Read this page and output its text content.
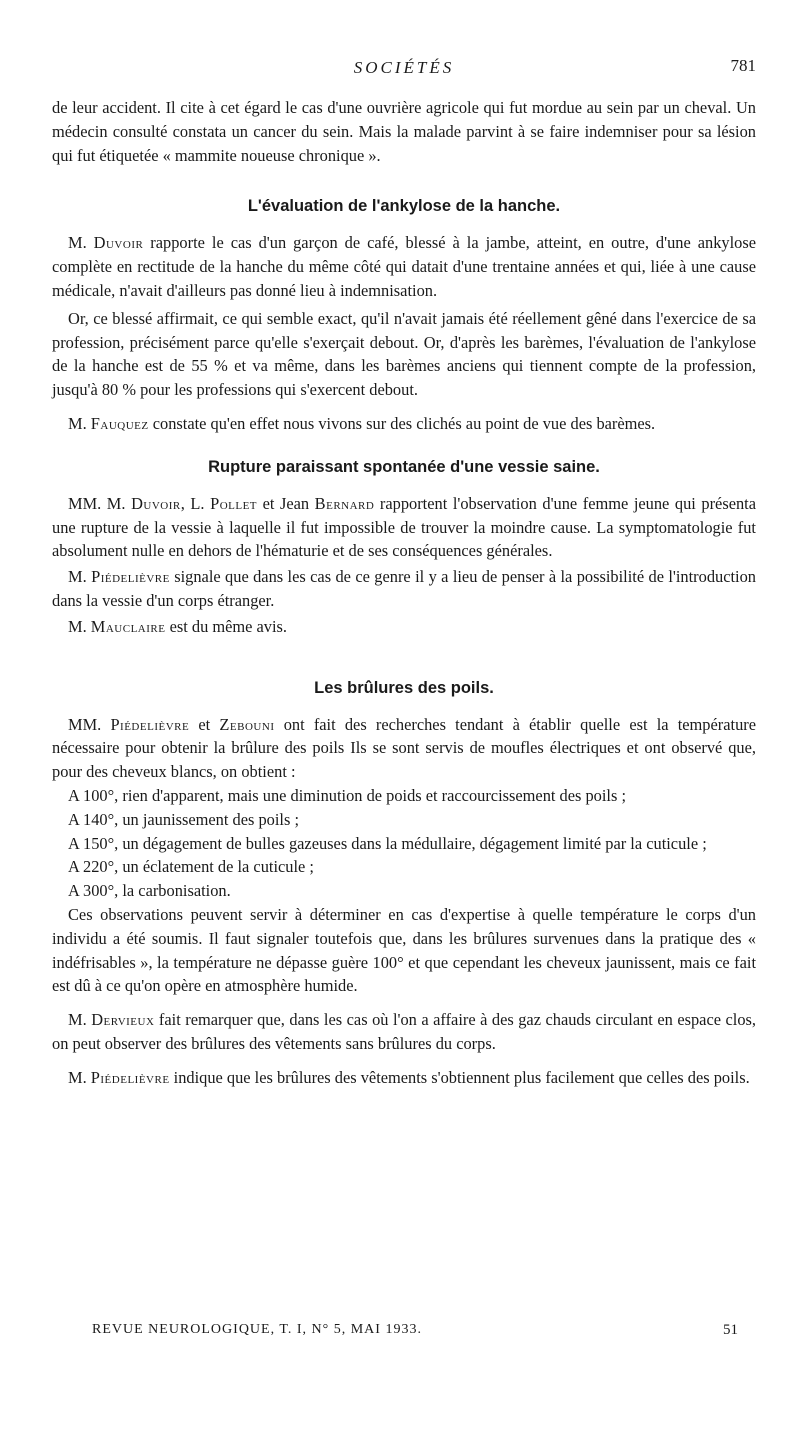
SOCIÉTÉS	781

de leur accident. Il cite à cet égard le cas d'une ouvrière agricole qui fut mordue au sein par un cheval. Un médecin consulté constata un cancer du sein. Mais la malade parvint à se faire indemniser pour sa lésion qui fut étiquetée « mammite noueuse chronique ».

L'évaluation de l'ankylose de la hanche.

M. Duvoir rapporte le cas d'un garçon de café, blessé à la jambe, atteint, en outre, d'une ankylose complète en rectitude de la hanche du même côté qui datait d'une trentaine années et qui, liée à une cause médicale, n'avait d'ailleurs pas donné lieu à indemnisation.

Or, ce blessé affirmait, ce qui semble exact, qu'il n'avait jamais été réellement gêné dans l'exercice de sa profession, précisément parce qu'elle s'exerçait debout. Or, d'après les barèmes, l'évaluation de l'ankylose de la hanche est de 55 % et va même, dans les barèmes anciens qui tiennent compte de la profession, jusqu'à 80 % pour les professions qui s'exercent debout.

M. Fauquez constate qu'en effet nous vivons sur des clichés au point de vue des barèmes.

Rupture paraissant spontanée d'une vessie saine.

MM. M. Duvoir, L. Pollet et Jean Bernard rapportent l'observation d'une femme jeune qui présenta une rupture de la vessie à laquelle il fut impossible de trouver la moindre cause. La symptomatologie fut absolument nulle en dehors de l'hématurie et de ses conséquences générales.

M. Piédelièvre signale que dans les cas de ce genre il y a lieu de penser à la possibilité de l'introduction dans la vessie d'un corps étranger.

M. Mauclaire est du même avis.

Les brûlures des poils.

MM. Piédelièvre et Zebouni ont fait des recherches tendant à établir quelle est la température nécessaire pour obtenir la brûlure des poils Ils se sont servis de moufles électriques et ont observé que, pour des cheveux blancs, on obtient :

A 100°, rien d'apparent, mais une diminution de poids et raccourcissement des poils ;

A 140°, un jaunissement des poils ;

A 150°, un dégagement de bulles gazeuses dans la médullaire, dégagement limité par la cuticule ;

A 220°, un éclatement de la cuticule ;

A 300°, la carbonisation.

Ces observations peuvent servir à déterminer en cas d'expertise à quelle température le corps d'un individu a été soumis. Il faut signaler toutefois que, dans les brûlures survenues dans la pratique des « indéfrisables », la température ne dépasse guère 100° et que cependant les cheveux jaunissent, mais ce fait est dû à ce qu'on opère en atmosphère humide.

M. Dervieux fait remarquer que, dans les cas où l'on a affaire à des gaz chauds circulant en espace clos, on peut observer des brûlures des vêtements sans brûlures du corps.

M. Piédelièvre indique que les brûlures des vêtements s'obtiennent plus facilement que celles des poils.

REVUE NEUROLOGIQUE, T. I, N° 5, MAI 1933.	51
